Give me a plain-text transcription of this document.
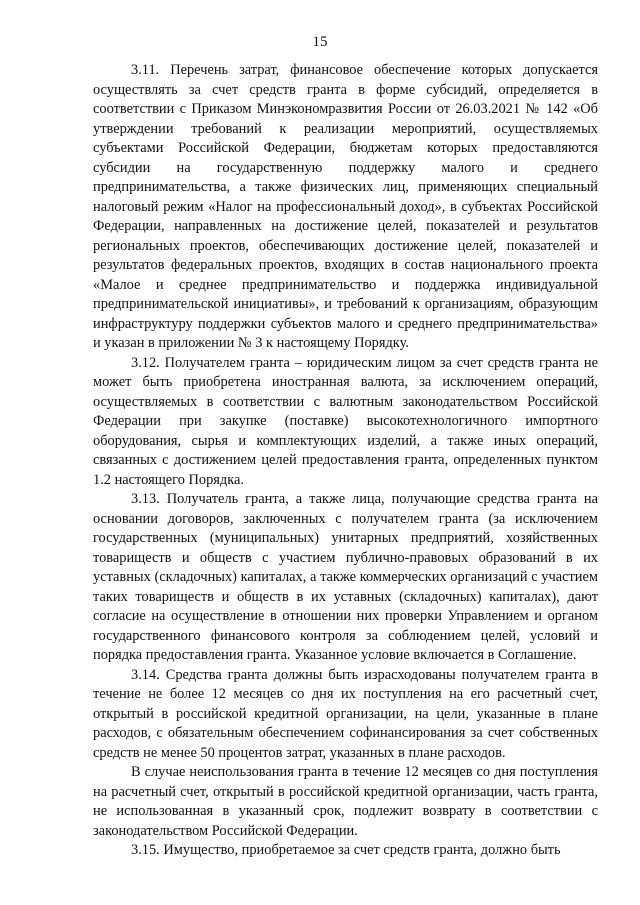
15

3.11. Перечень затрат, финансовое обеспечение которых допускается осуществлять за счет средств гранта в форме субсидий, определяется в соответствии с Приказом Минэкономразвития России от 26.03.2021 № 142 «Об утверждении требований к реализации мероприятий, осуществляемых субъектами Российской Федерации, бюджетам которых предоставляются субсидии на государственную поддержку малого и среднего предпринимательства, а также физических лиц, применяющих специальный налоговый режим «Налог на профессиональный доход», в субъектах Российской Федерации, направленных на достижение целей, показателей и результатов региональных проектов, обеспечивающих достижение целей, показателей и результатов федеральных проектов, входящих в состав национального проекта «Малое и среднее предпринимательство и поддержка индивидуальной предпринимательской инициативы», и требований к организациям, образующим инфраструктуру поддержки субъектов малого и среднего предпринимательства» и указан в приложении № 3 к настоящему Порядку.

3.12. Получателем гранта – юридическим лицом за счет средств гранта не может быть приобретена иностранная валюта, за исключением операций, осуществляемых в соответствии с валютным законодательством Российской Федерации при закупке (поставке) высокотехнологичного импортного оборудования, сырья и комплектующих изделий, а также иных операций, связанных с достижением целей предоставления гранта, определенных пунктом 1.2 настоящего Порядка.

3.13. Получатель гранта, а также лица, получающие средства гранта на основании договоров, заключенных с получателем гранта (за исключением государственных (муниципальных) унитарных предприятий, хозяйственных товариществ и обществ с участием публично-правовых образований в их уставных (складочных) капиталах, а также коммерческих организаций с участием таких товариществ и обществ в их уставных (складочных) капиталах), дают согласие на осуществление в отношении них проверки Управлением и органом государственного финансового контроля за соблюдением целей, условий и порядка предоставления гранта. Указанное условие включается в Соглашение.

3.14. Средства гранта должны быть израсходованы получателем гранта в течение не более 12 месяцев со дня их поступления на его расчетный счет, открытый в российской кредитной организации, на цели, указанные в плане расходов, с обязательным обеспечением софинансирования за счет собственных средств не менее 50 процентов затрат, указанных в плане расходов.

В случае неиспользования гранта в течение 12 месяцев со дня поступления на расчетный счет, открытый в российской кредитной организации, часть гранта, не использованная в указанный срок, подлежит возврату в соответствии с законодательством Российской Федерации.

3.15. Имущество, приобретаемое за счет средств гранта, должно быть
